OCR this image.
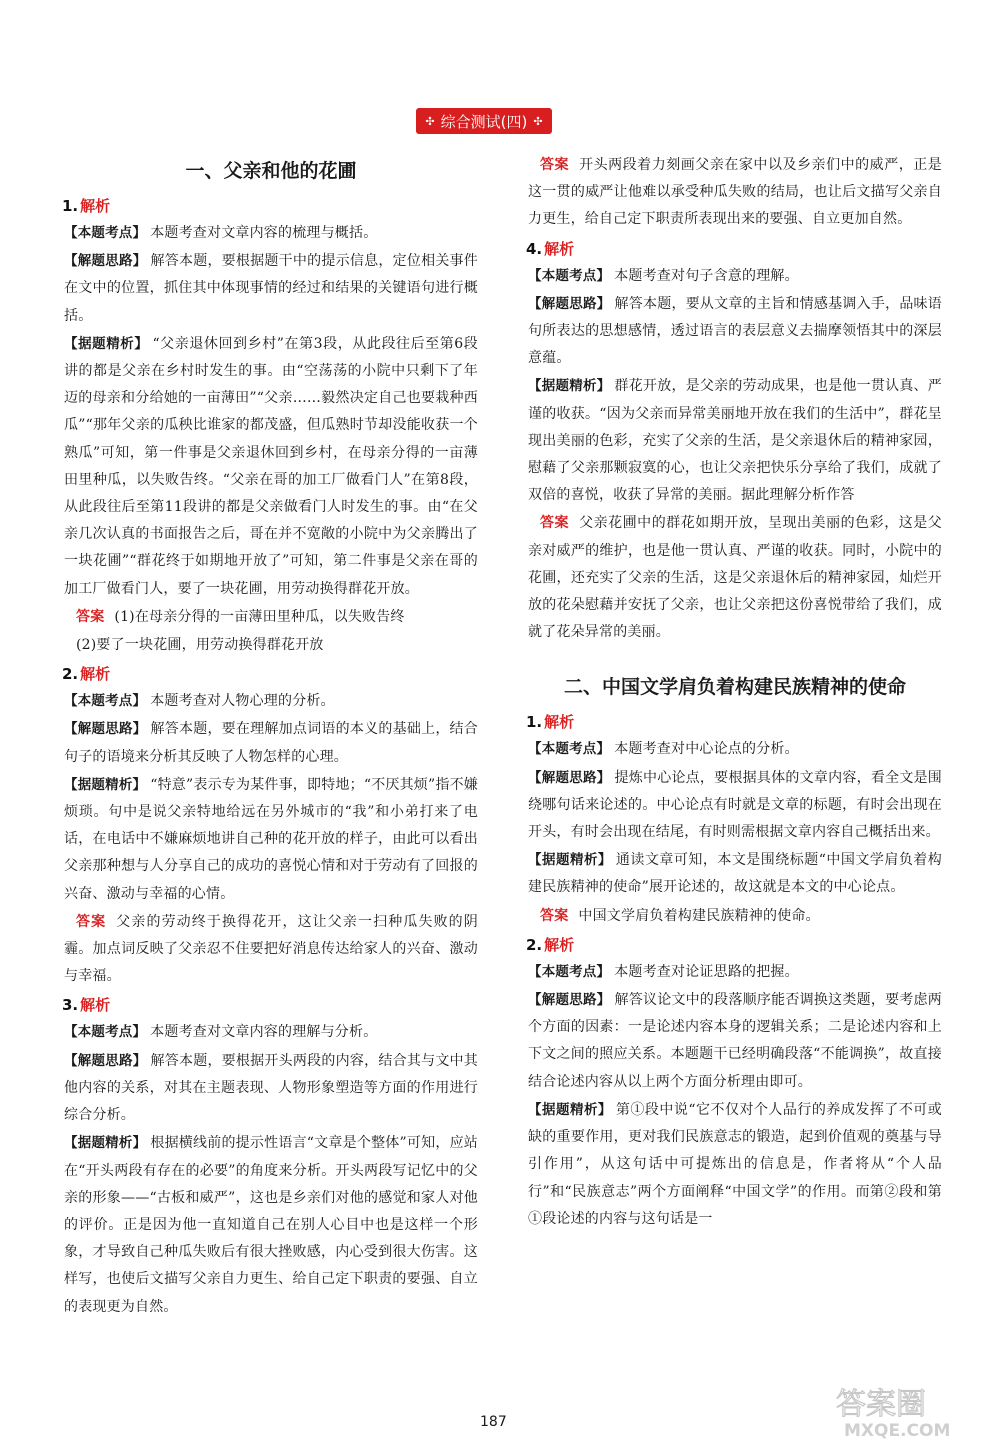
✣ 综合测试(四) ✣
一、父亲和他的花圃
1. 解析

【本题考点】 本题考查对文章内容的梳理与概括。

【解题思路】 解答本题，要根据题干中的提示信息，定位相关事件在文中的位置，抓住其中体现事情的经过和结果的关键语句进行概括。

【据题精析】 “父亲退休回到乡村”在第3段，从此段往后至第6段讲的都是父亲在乡村时发生的事。由“空荡荡的小院中只剩下了年迈的母亲和分给她的一亩薄田”“父亲……毅然决定自己也要栽种西瓜”“那年父亲的瓜秧比谁家的都茂盛，但瓜熟时节却没能收获一个熟瓜”可知，第一件事是父亲退休回到乡村，在母亲分得的一亩薄田里种瓜，以失败告终。“父亲在哥的加工厂做看门人”在第8段，从此段往后至第11段讲的都是父亲做看门人时发生的事。由“在父亲几次认真的书面报告之后，哥在并不宽敞的小院中为父亲腾出了一块花圃”“群花终于如期地开放了”可知，第二件事是父亲在哥的加工厂做看门人，要了一块花圃，用劳动换得群花开放。

答案 (1)在母亲分得的一亩薄田里种瓜，以失败告终

(2)要了一块花圃，用劳动换得群花开放

2. 解析

【本题考点】 本题考查对人物心理的分析。

【解题思路】 解答本题，要在理解加点词语的本义的基础上，结合句子的语境来分析其反映了人物怎样的心理。

【据题精析】 “特意”表示专为某件事，即特地；“不厌其烦”指不嫌烦琐。句中是说父亲特地给远在另外城市的“我”和小弟打来了电话，在电话中不嫌麻烦地讲自己种的花开放的样子，由此可以看出父亲那种想与人分享自己的成功的喜悦心情和对于劳动有了回报的兴奋、激动与幸福的心情。

答案 父亲的劳动终于换得花开，这让父亲一扫种瓜失败的阴霾。加点词反映了父亲忍不住要把好消息传达给家人的兴奋、激动与幸福。

3. 解析

【本题考点】 本题考查对文章内容的理解与分析。

【解题思路】 解答本题，要根据开头两段的内容，结合其与文中其他内容的关系，对其在主题表现、人物形象塑造等方面的作用进行综合分析。

【据题精析】 根据横线前的提示性语言“文章是个整体”可知，应站在“开头两段有存在的必要”的角度来分析。开头两段写记忆中的父亲的形象——“古板和威严”，这也是乡亲们对他的感觉和家人对他的评价。正是因为他一直知道自己在别人心目中也是这样一个形象，才导致自己种瓜失败后有很大挫败感，内心受到很大伤害。这样写，也使后文描写父亲自力更生、给自己定下职责的要强、自立的表现更为自然。

答案 开头两段着力刻画父亲在家中以及乡亲们中的威严，正是这一贯的威严让他难以承受种瓜失败的结局，也让后文描写父亲自力更生，给自己定下职责所表现出来的要强、自立更加自然。

4. 解析

【本题考点】 本题考查对句子含意的理解。

【解题思路】 解答本题，要从文章的主旨和情感基调入手，品味语句所表达的思想感情，透过语言的表层意义去揣摩领悟其中的深层意蕴。

【据题精析】 群花开放，是父亲的劳动成果，也是他一贯认真、严谨的收获。“因为父亲而异常美丽地开放在我们的生活中”，群花呈现出美丽的色彩，充实了父亲的生活，是父亲退休后的精神家园，慰藉了父亲那颗寂寞的心，也让父亲把快乐分享给了我们，成就了双倍的喜悦，收获了异常的美丽。据此理解分析作答

答案 父亲花圃中的群花如期开放，呈现出美丽的色彩，这是父亲对威严的维护，也是他一贯认真、严谨的收获。同时，小院中的花圃，还充实了父亲的生活，这是父亲退休后的精神家园，灿烂开放的花朵慰藉并安抚了父亲，也让父亲把这份喜悦带给了我们，成就了花朵异常的美丽。

二、中国文学肩负着构建民族精神的使命
1. 解析

【本题考点】 本题考查对中心论点的分析。

【解题思路】 提炼中心论点，要根据具体的文章内容，看全文是围绕哪句话来论述的。中心论点有时就是文章的标题，有时会出现在开头，有时会出现在结尾，有时则需根据文章内容自己概括出来。

【据题精析】 通读文章可知，本文是围绕标题“中国文学肩负着构建民族精神的使命”展开论述的，故这就是本文的中心论点。

答案 中国文学肩负着构建民族精神的使命。

2. 解析

【本题考点】 本题考查对论证思路的把握。

【解题思路】 解答议论文中的段落顺序能否调换这类题，要考虑两个方面的因素：一是论述内容本身的逻辑关系；二是论述内容和上下文之间的照应关系。本题题干已经明确段落“不能调换”，故直接结合论述内容从以上两个方面分析理由即可。

【据题精析】 第①段中说“它不仅对个人品行的养成发挥了不可或缺的重要作用，更对我们民族意志的锻造，起到价值观的奠基与导引作用”，从这句话中可提炼出的信息是，作者将从“个人品行”和“民族意志”两个方面阐释“中国文学”的作用。而第②段和第①段论述的内容与这句话是一

187	答案圈
MXQE.COM
